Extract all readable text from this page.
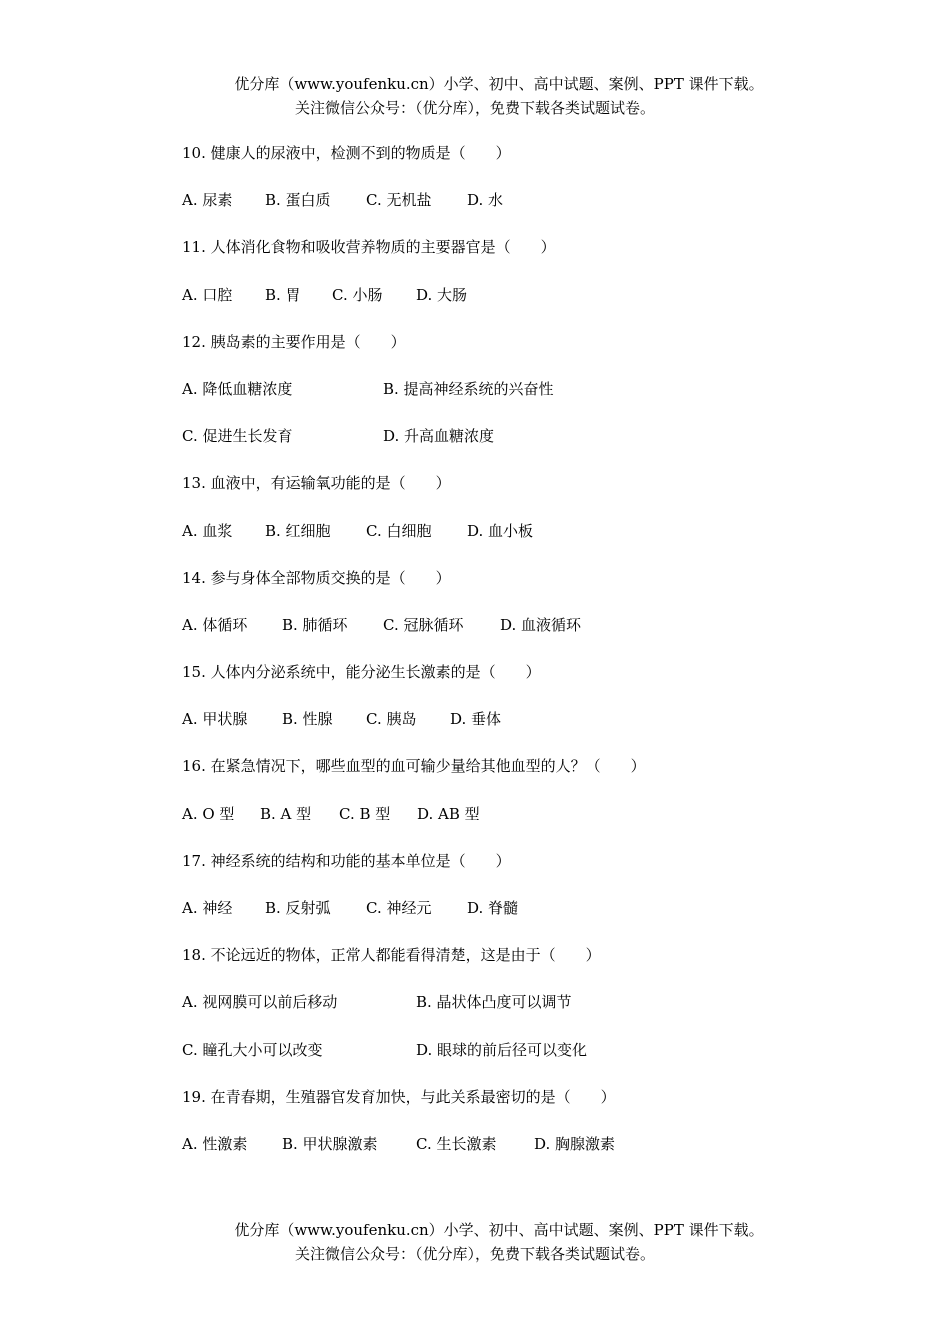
优分库（www.youfenku.cn）小学、初中、高中试题、案例、PPT 课件下载。
关注微信公众号：（优分库），免费下载各类试题试卷。
10. 健康人的尿液中，检测不到的物质是（　　）
A. 尿素 B. 蛋白质 C. 无机盐 D. 水
11. 人体消化食物和吸收营养物质的主要器官是（　　）
A. 口腔 B. 胃 C. 小肠 D. 大肠
12. 胰岛素的主要作用是（　　）
A. 降低血糖浓度	B. 提高神经系统的兴奋性
C. 促进生长发育	D. 升高血糖浓度
13. 血液中，有运输氧功能的是（　　）
A. 血浆 B. 红细胞 C. 白细胞 D. 血小板
14. 参与身体全部物质交换的是（　　）
A. 体循环 B. 肺循环 C. 冠脉循环 D. 血液循环
15. 人体内分泌系统中，能分泌生长激素的是（　　）
A. 甲状腺 B. 性腺 C. 胰岛 D. 垂体
16. 在紧急情况下，哪些血型的血可输少量给其他血型的人？（　　）
A. O 型 B. A 型 C. B 型 D. AB 型
17. 神经系统的结构和功能的基本单位是（　　）
A. 神经 B. 反射弧 C. 神经元 D. 脊髓
18. 不论远近的物体，正常人都能看得清楚，这是由于（　　）
A. 视网膜可以前后移动	B. 晶状体凸度可以调节
C. 瞳孔大小可以改变	D. 眼球的前后径可以变化
19. 在青春期，生殖器官发育加快，与此关系最密切的是（　　）
A. 性激素 B. 甲状腺激素	C. 生长激素	D. 胸腺激素
优分库（www.youfenku.cn）小学、初中、高中试题、案例、PPT 课件下载。
关注微信公众号：（优分库），免费下载各类试题试卷。
